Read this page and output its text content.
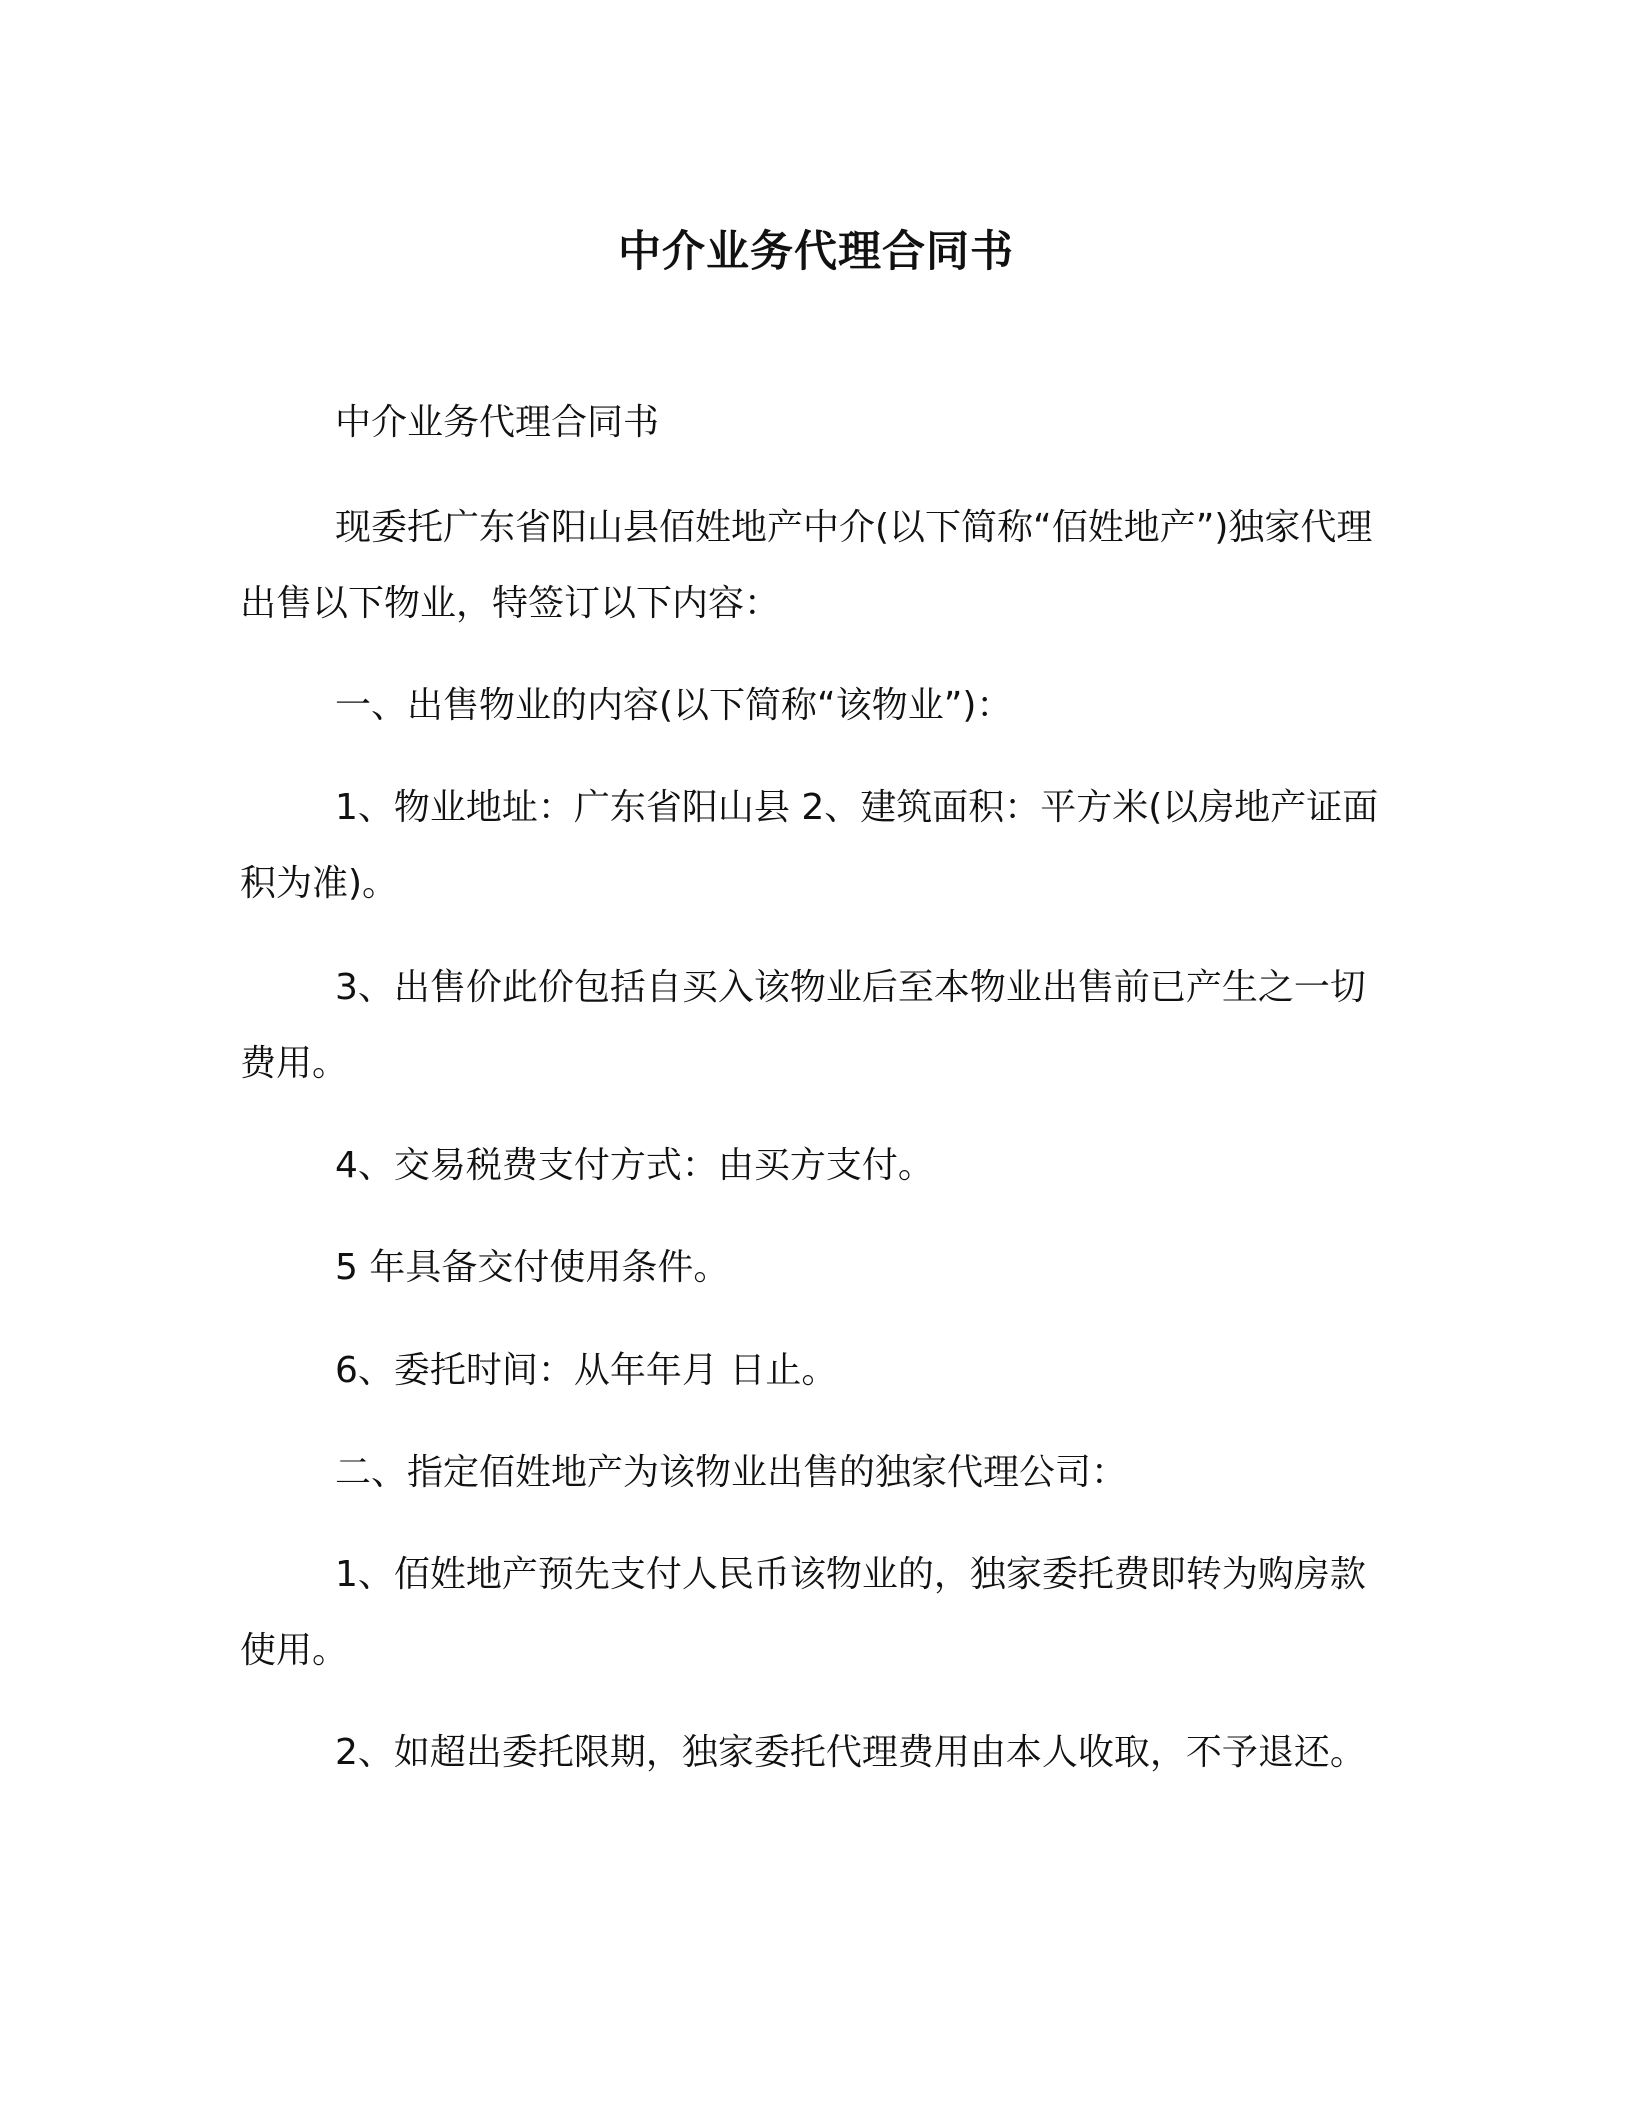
中介业务代理合同书

中介业务代理合同书

现委托广东省阳山县佰姓地产中介(以下简称“佰姓地产”)独家代理出售以下物业，特签订以下内容：

一、出售物业的内容(以下简称“该物业”)：

1、物业地址：广东省阳山县 2、建筑面积：平方米(以房地产证面积为准)。

3、出售价此价包括自买入该物业后至本物业出售前已产生之一切费用。

4、交易税费支付方式：由买方支付。

5 年具备交付使用条件。

6、委托时间：从年年月 日止。

二、指定佰姓地产为该物业出售的独家代理公司：

1、佰姓地产预先支付人民币该物业的，独家委托费即转为购房款使用。

2、如超出委托限期，独家委托代理费用由本人收取，不予退还。
